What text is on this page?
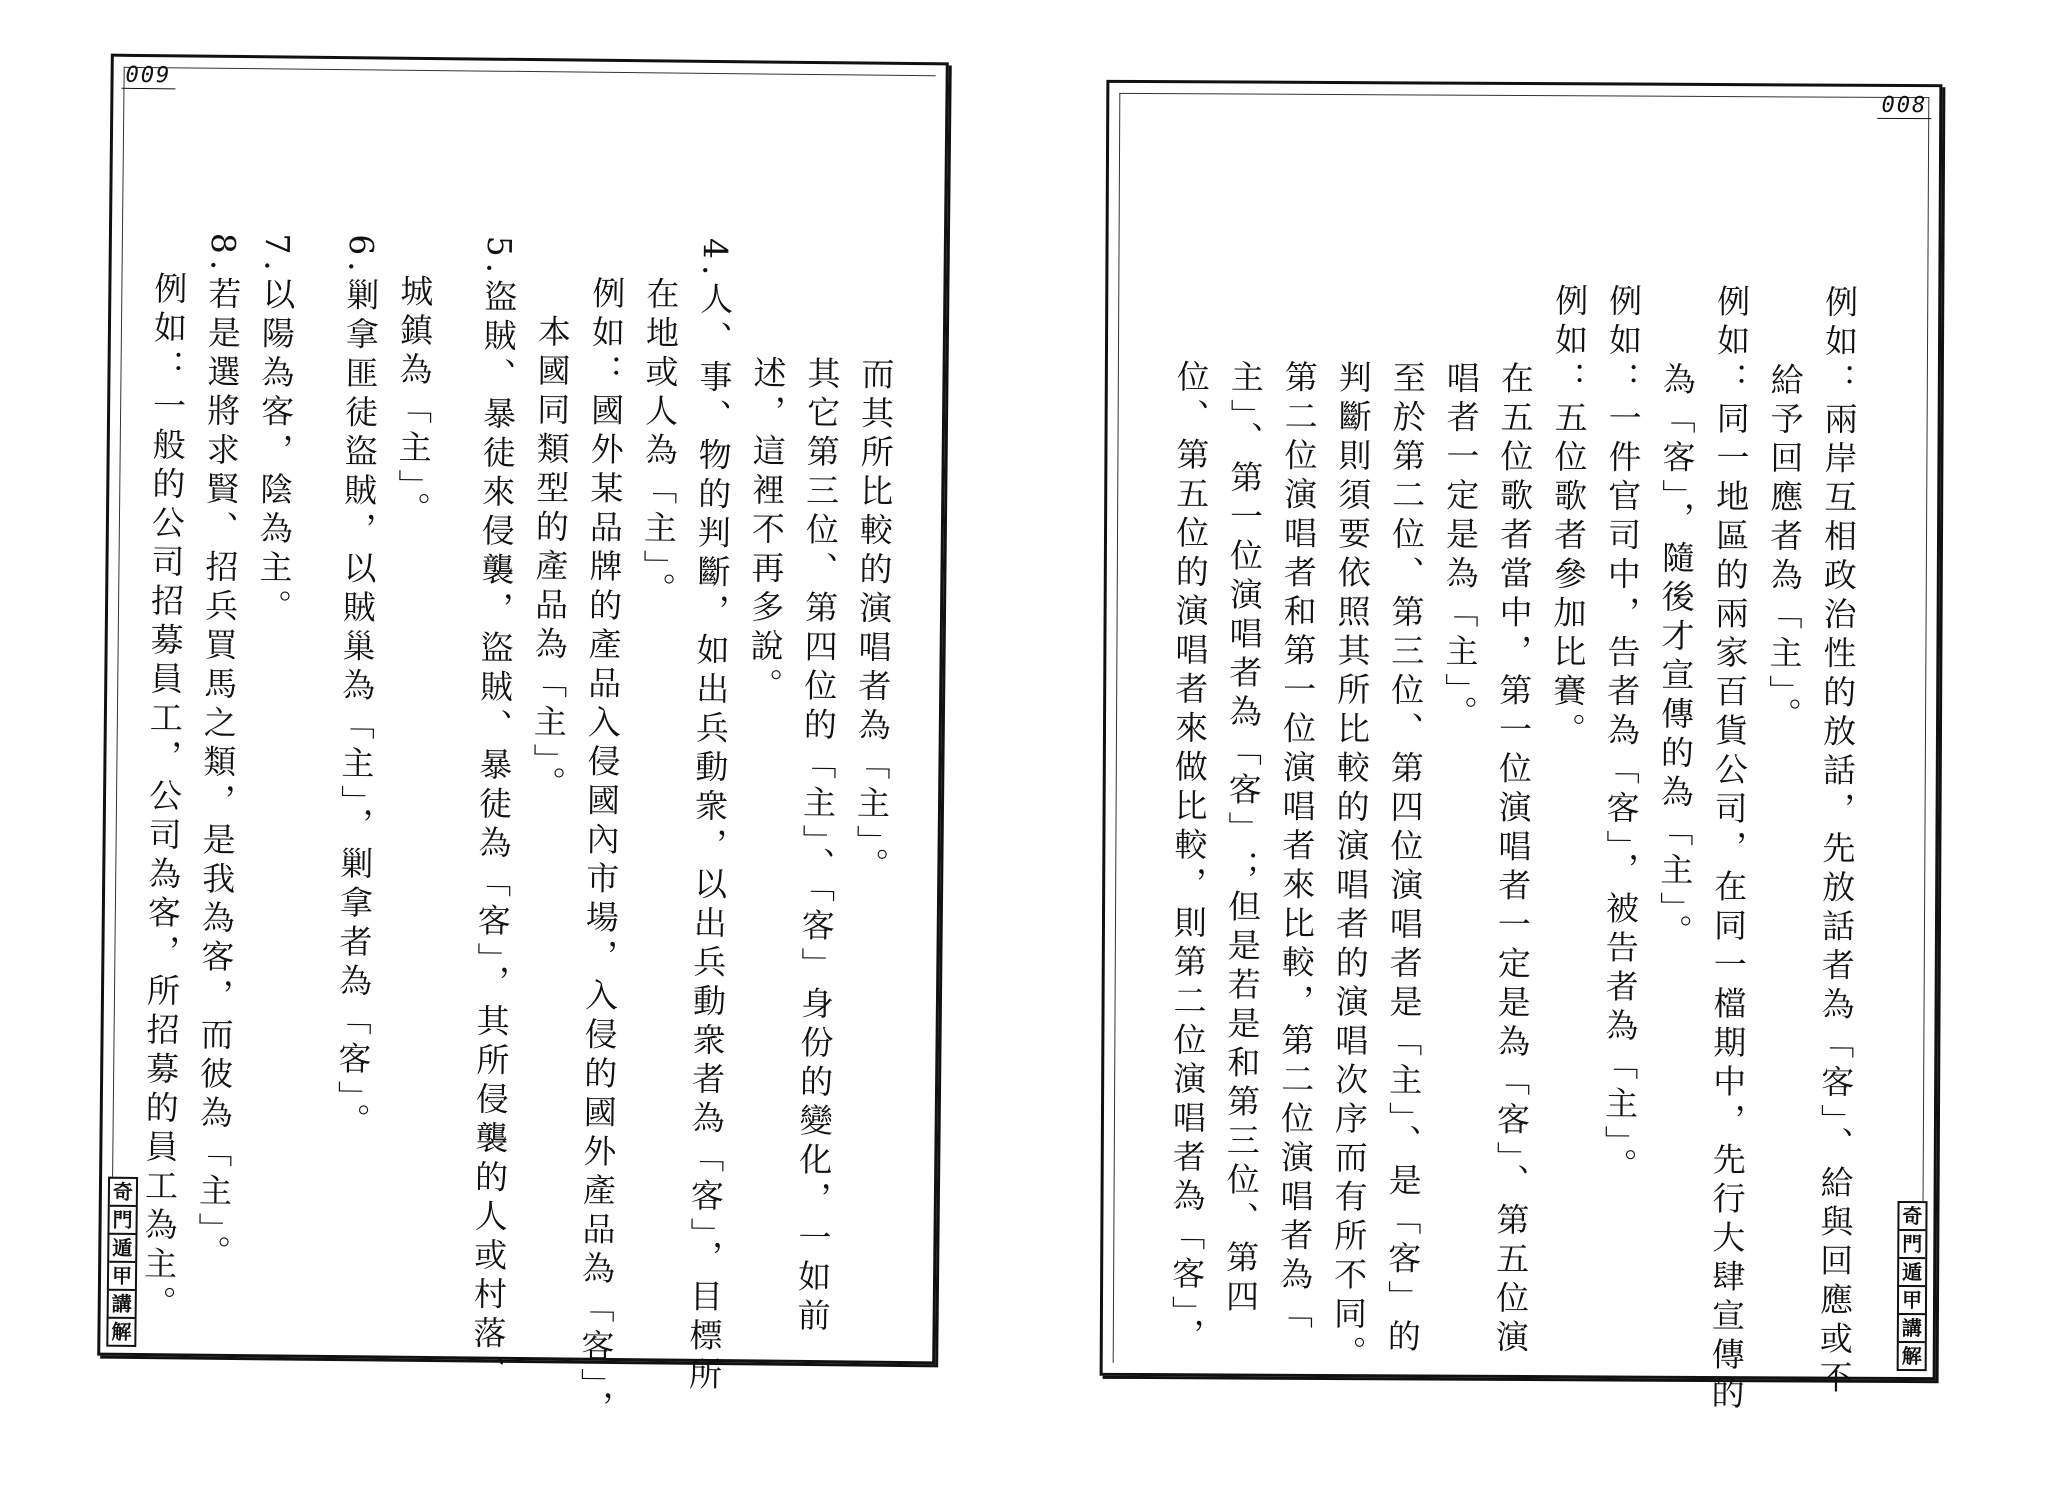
009
　　　而其所比較的演唱者為「主」。
　　　其它第三位、第四位的「主」、「客」身份的變化，一如前
　　　述，這裡不再多說。
4.人、事、物的判斷，如出兵動衆，以出兵動衆者為「客」，目標所
　在地或人為「主」。
　例如：國外某品牌的產品入侵國內市場，入侵的國外產品為「客」，
　　本國同類型的產品為「主」。
5.盜賊、暴徒來侵襲，盜賊、暴徒為「客」，其所侵襲的人或村落、
　城鎮為「主」。
6.剿拿匪徒盜賊，以賊巢為「主」，剿拿者為「客」。
7.以陽為客，陰為主。
8.若是選將求賢、招兵買馬之類，是我為客，而彼為「主」。
　例如：一般的公司招募員工，公司為客，所招募的員工為主。
奇
門
遁
甲
講
解
008
例如：兩岸互相政治性的放話，先放話者為「客」、給與回應或不
　　給予回應者為「主」。
例如：同一地區的兩家百貨公司，在同一檔期中，先行大肆宣傳的
　　為「客」，隨後才宣傳的為「主」。
例如：一件官司中，告者為「客」，被告者為「主」。
例如：五位歌者參加比賽。
　　在五位歌者當中，第一位演唱者一定是為「客」、第五位演
　　唱者一定是為「主」。
　　至於第二位、第三位、第四位演唱者是「主」、是「客」的
　　判斷則須要依照其所比較的演唱者的演唱次序而有所不同。
　　第二位演唱者和第一位演唱者來比較，第二位演唱者為「
　　主」、第一位演唱者為「客」；但是若是和第三位、第四
　　位、第五位的演唱者來做比較，則第二位演唱者為「客」，	奇
門
遁
甲
講
解
